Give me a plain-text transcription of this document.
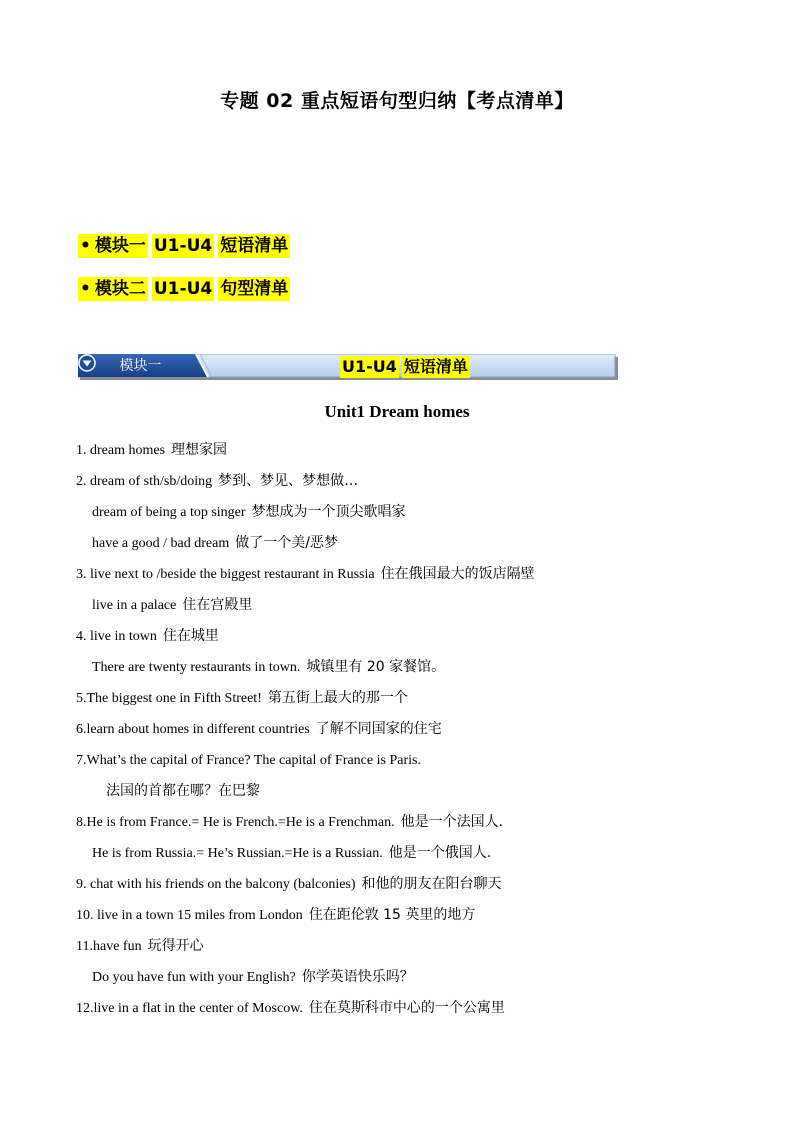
专题 02 重点短语句型归纳【考点清单】
• 模块一 U1-U4 短语清单
• 模块二 U1-U4 句型清单
模块一	U1-U4 短语清单
Unit1 Dream homes
1. dream homes 理想家园
2. dream of sth/sb/doing 梦到、梦见、梦想做…
dream of being a top singer 梦想成为一个顶尖歌唱家
have a good / bad dream 做了一个美/恶梦
3. live next to /beside the biggest restaurant in Russia 住在俄国最大的饭店隔壁
live in a palace 住在宫殿里
4. live in town 住在城里
There are twenty restaurants in town. 城镇里有 20 家餐馆。
5.The biggest one in Fifth Street! 第五街上最大的那一个
6.learn about homes in different countries 了解不同国家的住宅
7.What’s the capital of France? The capital of France is Paris.
法国的首都在哪？在巴黎
8.He is from France.= He is French.=He is a Frenchman. 他是一个法国人.
He is from Russia.= He’s Russian.=He is a Russian. 他是一个俄国人.
9. chat with his friends on the balcony (balconies) 和他的朋友在阳台聊天
10. live in a town 15 miles from London 住在距伦敦 15 英里的地方
11.have fun 玩得开心
Do you have fun with your English? 你学英语快乐吗？
12.live in a flat in the center of Moscow. 住在莫斯科市中心的一个公寓里
